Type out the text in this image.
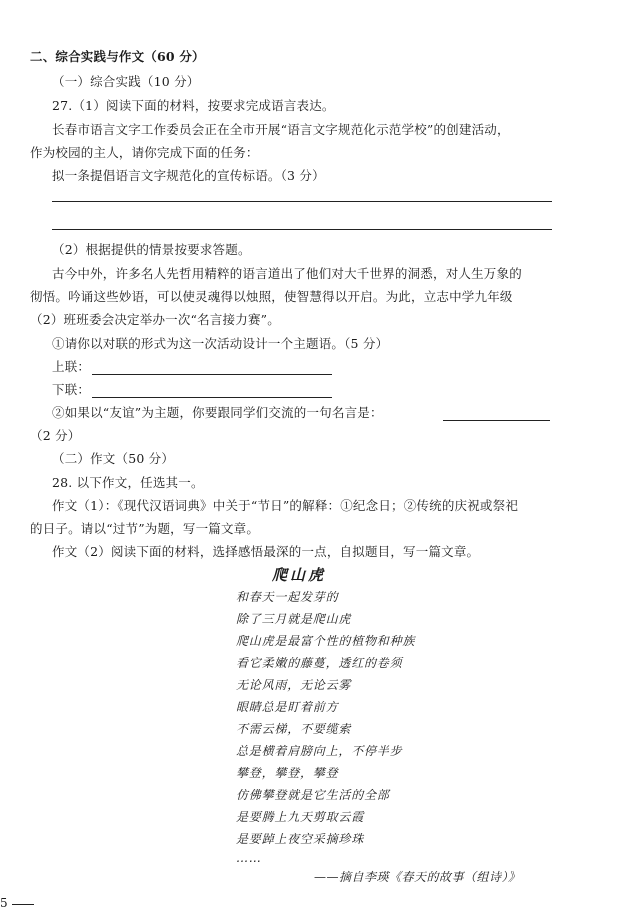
二、综合实践与作文（60 分）
（一）综合实践（10 分）
27.（1）阅读下面的材料，按要求完成语言表达。
长春市语言文字工作委员会正在全市开展“语言文字规范化示范学校”的创建活动，
作为校园的主人，请你完成下面的任务：
拟一条提倡语言文字规范化的宣传标语。（3 分）
（2）根据提供的情景按要求答题。
古今中外，许多名人先哲用精粹的语言道出了他们对大千世界的洞悉，对人生万象的
彻悟。吟诵这些妙语，可以使灵魂得以烛照，使智慧得以开启。为此，立志中学九年级
（2）班班委会决定举办一次“名言接力赛”。
①请你以对联的形式为这一次活动设计一个主题语。（5 分）
上联：
下联：
②如果以“友谊”为主题，你要跟同学们交流的一句名言是：
（2 分）
（二）作文（50 分）
28. 以下作文，任选其一。
作文（1）：《现代汉语词典》中关于“节日”的解释：①纪念日；②传统的庆祝或祭祀
的日子。请以“过节”为题，写一篇文章。
作文（2）阅读下面的材料，选择感悟最深的一点，自拟题目，写一篇文章。
爬山虎
和春天一起发芽的
除了三月就是爬山虎
爬山虎是最富个性的植物和种族
看它柔嫩的藤蔓，透红的卷须
无论风雨，无论云雾
眼睛总是盯着前方
不需云梯，不要缆索
总是横着肩膀向上，不停半步
攀登，攀登，攀登
仿佛攀登就是它生活的全部
是要腾上九天剪取云霞
是要踔上夜空采摘珍珠
……
——摘自李瑛《春天的故事（组诗）》
5
